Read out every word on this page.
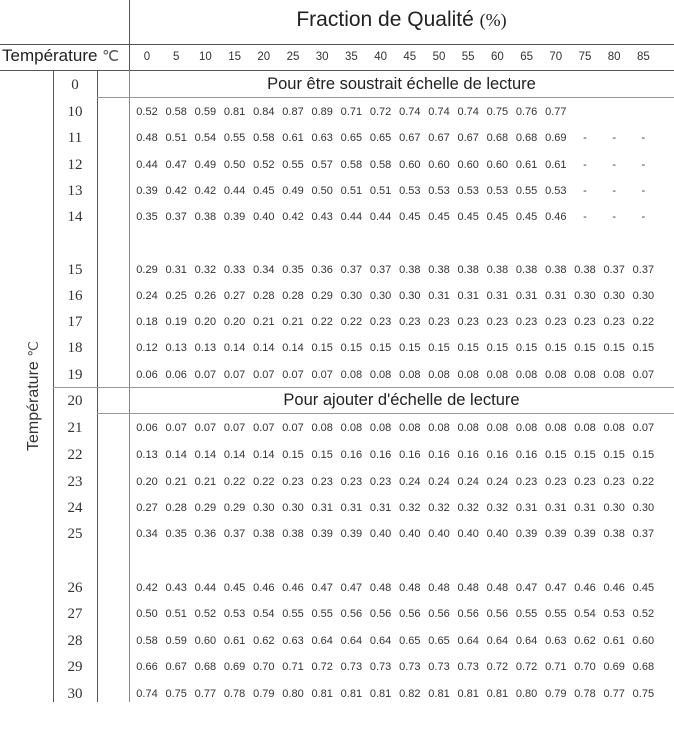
Fraction de Qualité (%)
Température ℃
Température ℃
0	5	10	15	20	25	30	35	40	45	50	55	60	65	70	75	80	85
0	Pour être soustrait échelle de lecture
10	0.52 0.58 0.59 0.81 0.84 0.87 0.89 0.71 0.72 0.74 0.74 0.74 0.75 0.76 0.77
11	0.48 0.51 0.54 0.55 0.58 0.61 0.63 0.65 0.65 0.67 0.67 0.67 0.68 0.68 0.69	-	-	-
12	0.44 0.47 0.49 0.50 0.52 0.55 0.57 0.58 0.58 0.60 0.60 0.60 0.60 0.61 0.61	-	-	-
13	0.39 0.42 0.42 0.44 0.45 0.49 0.50 0.51 0.51 0.53 0.53 0.53 0.53 0.55 0.53	-	-	-
14	0.35 0.37 0.38 0.39 0.40 0.42 0.43 0.44 0.44 0.45 0.45 0.45 0.45 0.45 0.46	-	-	-
15	0.29 0.31 0.32 0.33 0.34 0.35 0.36 0.37 0.37 0.38 0.38 0.38 0.38 0.38 0.38 0.38 0.37 0.37
16	0.24 0.25 0.26 0.27 0.28 0.28 0.29 0.30 0.30 0.30 0.31 0.31 0.31 0.31 0.31 0.30 0.30 0.30
17	0.18 0.19 0.20 0.20 0.21 0.21 0.22 0.22 0.23 0.23 0.23 0.23 0.23 0.23 0.23 0.23 0.23 0.22
18	0.12 0.13 0.13 0.14 0.14 0.14 0.15 0.15 0.15 0.15 0.15 0.15 0.15 0.15 0.15 0.15 0.15 0.15
19	0.06 0.06 0.07 0.07 0.07 0.07 0.07 0.08 0.08 0.08 0.08 0.08 0.08 0.08 0.08 0.08 0.08 0.07
20	Pour ajouter d'échelle de lecture
21	0.06 0.07 0.07 0.07 0.07 0.07 0.08 0.08 0.08 0.08 0.08 0.08 0.08 0.08 0.08 0.08 0.08 0.07
22	0.13 0.14 0.14 0.14 0.14 0.15 0.15 0.16 0.16 0.16 0.16 0.16 0.16 0.16 0.15 0.15 0.15 0.15
23	0.20 0.21 0.21 0.22 0.22 0.23 0.23 0.23 0.23 0.24 0.24 0.24 0.24 0.23 0.23 0.23 0.23 0.22
24	0.27 0.28 0.29 0.29 0.30 0.30 0.31 0.31 0.31 0.32 0.32 0.32 0.32 0.31 0.31 0.31 0.30 0.30
25	0.34 0.35 0.36 0.37 0.38 0.38 0.39 0.39 0.40 0.40 0.40 0.40 0.40 0.39 0.39 0.39 0.38 0.37
26	0.42 0.43 0.44 0.45 0.46 0.46 0.47 0.47 0.48 0.48 0.48 0.48 0.48 0.47 0.47 0.46 0.46 0.45
27	0.50 0.51 0.52 0.53 0.54 0.55 0.55 0.56 0.56 0.56 0.56 0.56 0.56 0.55 0.55 0.54 0.53 0.52
28	0.58 0.59 0.60 0.61 0.62 0.63 0.64 0.64 0.64 0.65 0.65 0.64 0.64 0.64 0.63 0.62 0.61 0.60
29	0.66 0.67 0.68 0.69 0.70 0.71 0.72 0.73 0.73 0.73 0.73 0.73 0.72 0.72 0.71 0.70 0.69 0.68
30	0.74 0.75 0.77 0.78 0.79 0.80 0.81 0.81 0.81 0.82 0.81 0.81 0.81 0.80 0.79 0.78 0.77 0.75
